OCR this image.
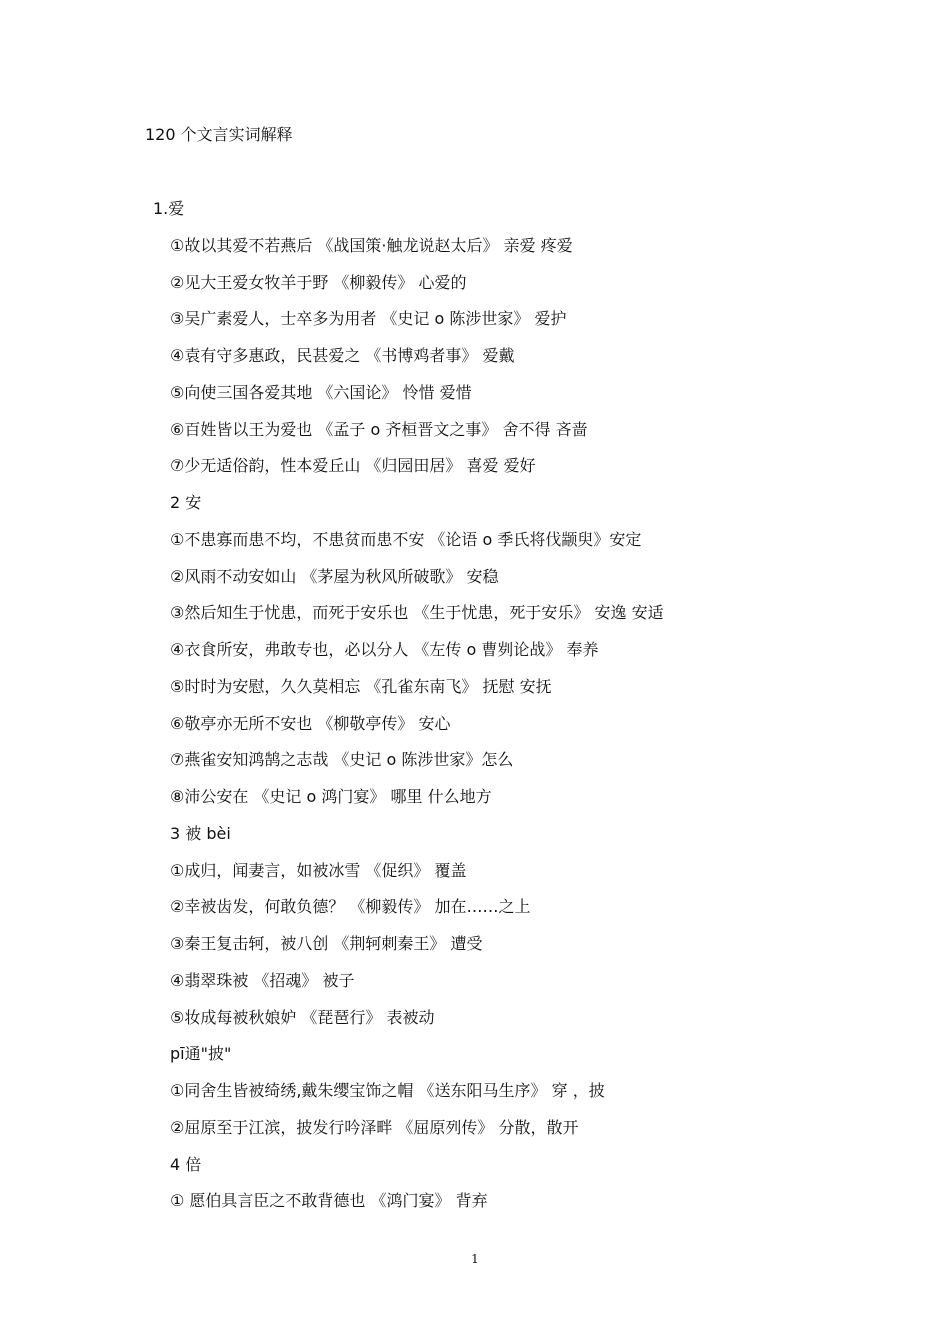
120 个文言实词解释
1.爱
①故以其爱不若燕后 《战国策·触龙说赵太后》 亲爱 疼爱
②见大王爱女牧羊于野 《柳毅传》 心爱的
③吴广素爱人，士卒多为用者 《史记 o 陈涉世家》 爱护
④袁有守多惠政，民甚爱之 《书博鸡者事》 爱戴
⑤向使三国各爱其地 《六国论》 怜惜 爱惜
⑥百姓皆以王为爱也 《孟子 o 齐桓晋文之事》 舍不得 吝啬
⑦少无适俗韵，性本爱丘山 《归园田居》 喜爱 爱好
2 安
①不患寡而患不均，不患贫而患不安 《论语 o 季氏将伐颛臾》安定
②风雨不动安如山 《茅屋为秋风所破歌》 安稳
③然后知生于忧患，而死于安乐也 《生于忧患，死于安乐》 安逸 安适
④衣食所安，弗敢专也，必以分人 《左传 o 曹刿论战》 奉养
⑤时时为安慰，久久莫相忘 《孔雀东南飞》 抚慰 安抚
⑥敬亭亦无所不安也 《柳敬亭传》 安心
⑦燕雀安知鸿鹄之志哉 《史记 o 陈涉世家》怎么
⑧沛公安在 《史记 o 鸿门宴》 哪里 什么地方
3 被 bèi
①成归，闻妻言，如被冰雪 《促织》 覆盖
②幸被齿发，何敢负德？ 《柳毅传》 加在……之上
③秦王复击轲，被八创 《荆轲刺秦王》 遭受
④翡翠珠被 《招魂》 被子
⑤妆成每被秋娘妒 《琵琶行》 表被动
pī通"披"
①同舍生皆被绮绣,戴朱缨宝饰之帽 《送东阳马生序》 穿 ，披
②屈原至于江滨，披发行吟泽畔 《屈原列传》 分散，散开
4 倍
① 愿伯具言臣之不敢背德也 《鸿门宴》 背弃
1
